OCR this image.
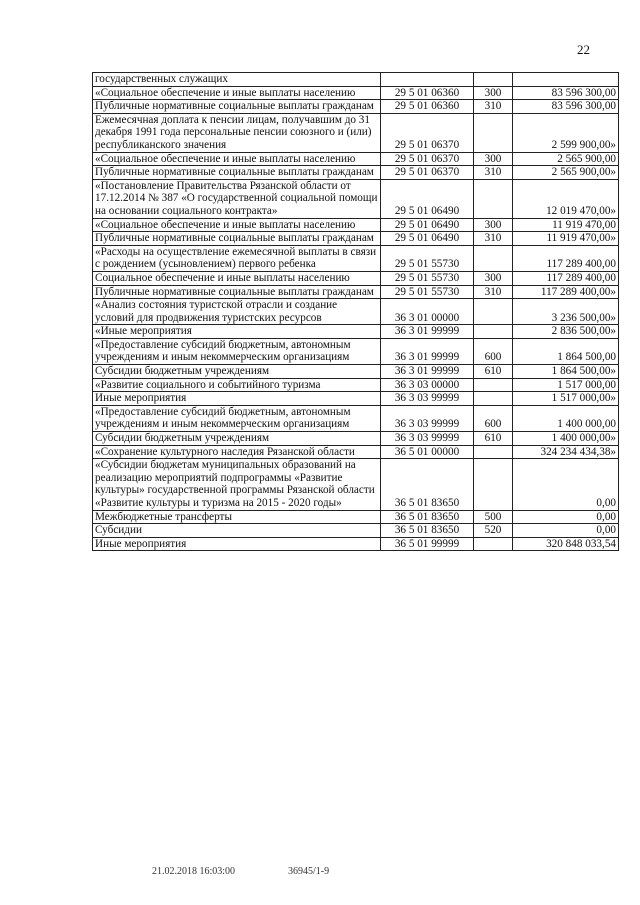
22
государственных служащих			
«Социальное обеспечение и иные выплаты населению	29 5 01 06360	300	83 596 300,00
Публичные нормативные социальные выплаты гражданам	29 5 01 06360	310	83 596 300,00
Ежемесячная доплата к пенсии лицам, получавшим до 31 декабря 1991 года персональные пенсии союзного и (или) республиканского значения	29 5 01 06370		2 599 900,00»
«Социальное обеспечение и иные выплаты населению	29 5 01 06370	300	2 565 900,00
Публичные нормативные социальные выплаты гражданам	29 5 01 06370	310	2 565 900,00»
«Постановление Правительства Рязанской области от 17.12.2014 № 387 «О государственной социальной помощи на основании социального контракта»	29 5 01 06490		12 019 470,00»
«Социальное обеспечение и иные выплаты населению	29 5 01 06490	300	11 919 470,00
Публичные нормативные социальные выплаты гражданам	29 5 01 06490	310	11 919 470,00»
«Расходы на осуществление ежемесячной выплаты в связи с рождением (усыновлением) первого ребенка	29 5 01 55730		117 289 400,00
Социальное обеспечение и иные выплаты населению	29 5 01 55730	300	117 289 400,00
Публичные нормативные социальные выплаты гражданам	29 5 01 55730	310	117 289 400,00»
«Анализ состояния туристской отрасли и создание условий для продвижения туристских ресурсов	36 3 01 00000		3 236 500,00»
«Иные мероприятия	36 3 01 99999		2 836 500,00»
«Предоставление субсидий бюджетным, автономным учреждениям и иным некоммерческим организациям	36 3 01 99999	600	1 864 500,00
Субсидии бюджетным учреждениям	36 3 01 99999	610	1 864 500,00»
«Развитие социального и событийного туризма	36 3 03 00000		1 517 000,00
Иные мероприятия	36 3 03 99999		1 517 000,00»
«Предоставление субсидий бюджетным, автономным учреждениям и иным некоммерческим организациям	36 3 03 99999	600	1 400 000,00
Субсидии бюджетным учреждениям	36 3 03 99999	610	1 400 000,00»
«Сохранение культурного наследия Рязанской области	36 5 01 00000		324 234 434,38»
«Субсидии бюджетам муниципальных образований на реализацию мероприятий подпрограммы «Развитие культуры» государственной программы Рязанской области «Развитие культуры и туризма на 2015 - 2020 годы»	36 5 01 83650		0,00
Межбюджетные трансферты	36 5 01 83650	500	0,00
Субсидии	36 5 01 83650	520	0,00
Иные мероприятия	36 5 01 99999		320 848 033,54
21.02.2018 16:03:00	36945/1-9
